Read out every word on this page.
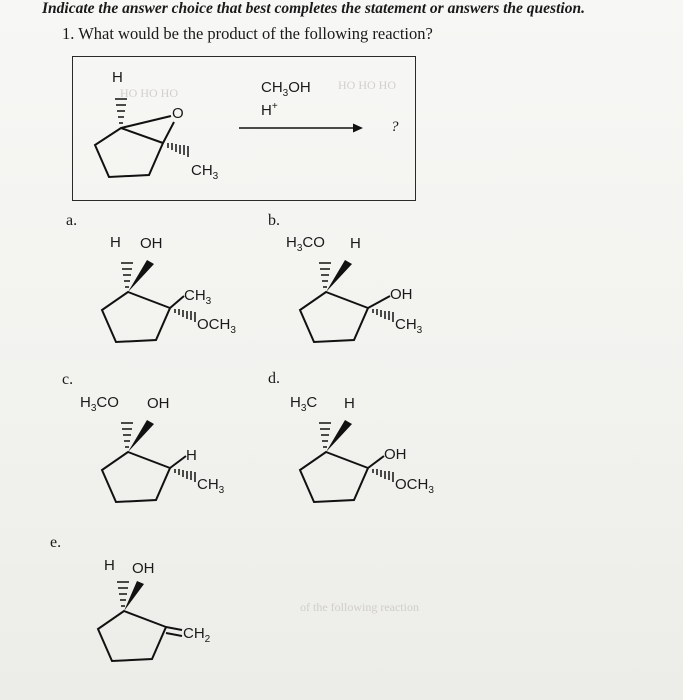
Indicate the answer choice that best completes the statement or answers the question.
1. What would be the product of the following reaction?
HO HO HO
HO HO HO
of the following reaction
H
O
$CH_3$
$CH_3OH$
H+
?
a.	b.
c.	d.
e.
H OH
$CH_3$
$OCH_3$
$H_3CO$ H
OH
$CH_3$
$H_3CO$ OH
H
$CH_3$
$H_3C$ H
OH
$OCH_3$
H OH
$CH_2$
